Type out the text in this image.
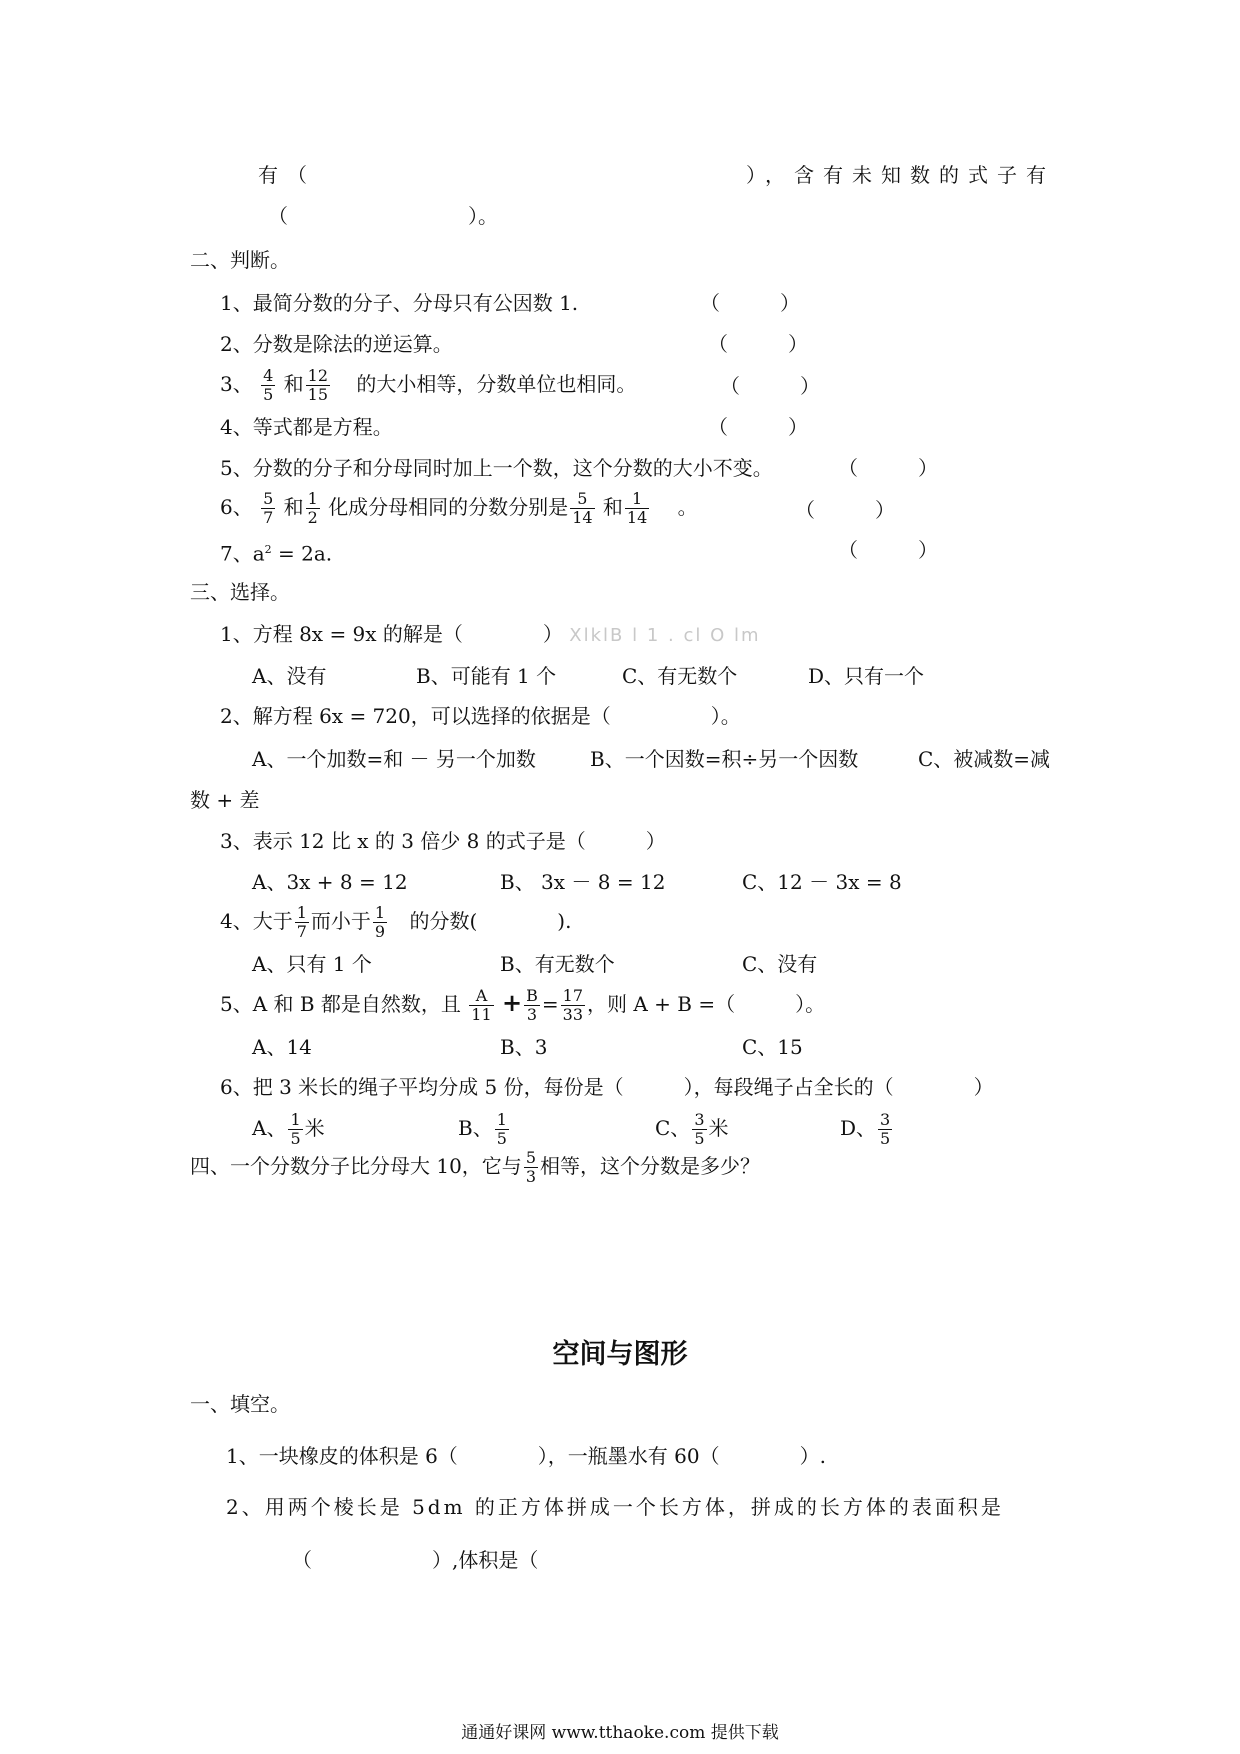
有（	），含有未知数的式子有
（　　　　　　　　　）。
二、判断。
1、最简分数的分子、分母只有公因数 1.	（　　　）
2、分数是除法的逆运算。	（　　　）
3、 $\frac{4}{5}$ 和 $\frac{12}{15}$ 的大小相等，分数单位也相同。	（　　　）
4、等式都是方程。	（　　　）
5、分数的分子和分母同时加上一个数，这个分数的大小不变。	（　　　）
6、 $\frac{5}{7}$ 和 $\frac{1}{2}$ 化成分母相同的分数分别是 $\frac{5}{14}$ 和 $\frac{1}{14}$ 。	（　　　）
7、$a^2 = 2a$.	（　　　）
三、选择。
1、方程 8x = 9x 的解是（　　　　） XlklB l 1 . cl O lm
A、没有	B、可能有 1 个	C、有无数个	D、只有一个
2、解方程 6x = 720，可以选择的依据是（　　　　　）。
A、一个加数=和 － 另一个加数	B、一个因数=积÷另一个因数	C、被减数=减
数 + 差
3、表示 12 比 x 的 3 倍少 8 的式子是（　　　）
A、3x + 8 = 12	B、 3x － 8 = 12	C、12 － 3x = 8
4、大于 $\frac{1}{7}$ 而小于 $\frac{1}{9}$ 的分数(　　　　).
A、只有 1 个	B、有无数个	C、没有
5、A 和 B 都是自然数，且 $\frac{A}{11} + \frac{B}{3} = \frac{17}{33}$ ，则 A + B =（　　　）。
A、14	B、3	C、15
6、把 3 米长的绳子平均分成 5 份，每份是（　　　），每段绳子占全长的（　　　　）
A、 $\frac{1}{5}$ 米	B、 $\frac{1}{5}$	C、 $\frac{3}{5}$ 米	D、 $\frac{3}{5}$
四、一个分数分子比分母大 10，它与 $\frac{5}{3}$ 相等，这个分数是多少？
空间与图形
一、填空。
1、一块橡皮的体积是 6（　　　　），一瓶墨水有 60（　　　　）.
2、用两个棱长是 5dm 的正方体拼成一个长方体，拼成的长方体的表面积是
（　　　　　　）,体积是（
通通好课网 www.tthaoke.com 提供下载
